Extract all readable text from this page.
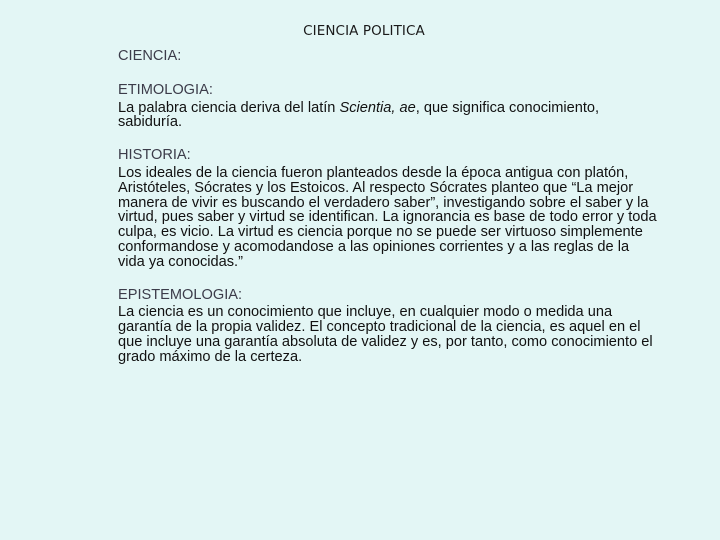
CIENCIA POLITICA
CIENCIA:
ETIMOLOGIA:

La palabra ciencia deriva del latín Scientia, ae, que significa conocimiento, sabiduría.

HISTORIA:

Los ideales de la ciencia fueron planteados desde la época antigua con platón, Aristóteles, Sócrates y los Estoicos. Al respecto Sócrates planteo que “La mejor manera de vivir es buscando el verdadero saber”, investigando sobre el saber y la virtud, pues saber y virtud se identifican. La ignorancia es base de todo error y toda culpa, es vicio. La virtud es ciencia porque no se puede ser virtuoso simplemente conformandose y acomodandose a las opiniones corrientes y a las reglas de la vida ya conocidas.”

EPISTEMOLOGIA:

La ciencia es un conocimiento que incluye, en cualquier modo o medida una garantía de la propia validez. El concepto tradicional de la ciencia, es aquel en el que incluye una garantía absoluta de validez y es, por tanto, como conocimiento el grado máximo de la certeza.
